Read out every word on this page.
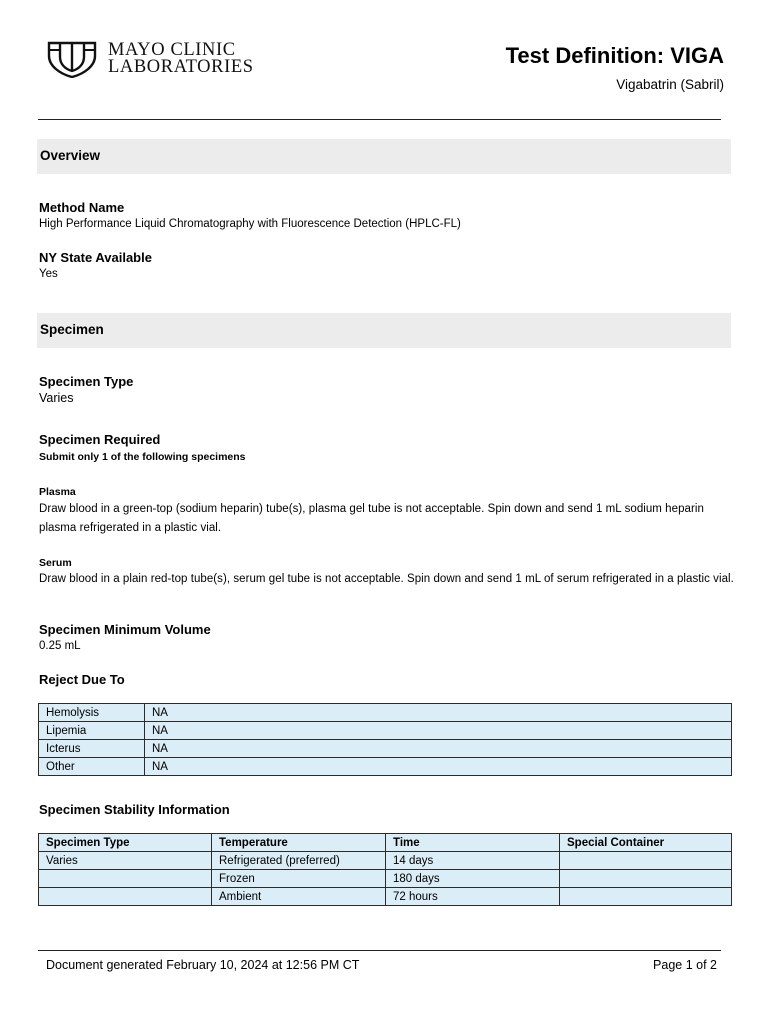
MAYO CLINIC
LABORATORIES	Test Definition: VIGA
Vigabatrin (Sabril)
Overview
Method Name
High Performance Liquid Chromatography with Fluorescence Detection (HPLC-FL)
NY State Available
Yes
Specimen
Specimen Type
Varies
Specimen Required
Submit only 1 of the following specimens
Plasma
Draw blood in a green-top (sodium heparin) tube(s), plasma gel tube is not acceptable. Spin down and send 1 mL sodium heparin plasma refrigerated in a plastic vial.
Serum
Draw blood in a plain red-top tube(s), serum gel tube is not acceptable. Spin down and send 1 mL of serum refrigerated in a plastic vial.
Specimen Minimum Volume
0.25 mL
Reject Due To
Hemolysis	NA
Lipemia	NA
Icterus	NA
Other	NA
Specimen Stability Information
Specimen Type	Temperature	Time	Special Container
Varies	Refrigerated (preferred)	14 days	
	Frozen	180 days	
	Ambient	72 hours	
Document generated February 10, 2024 at 12:56 PM CT	Page 1 of 2
